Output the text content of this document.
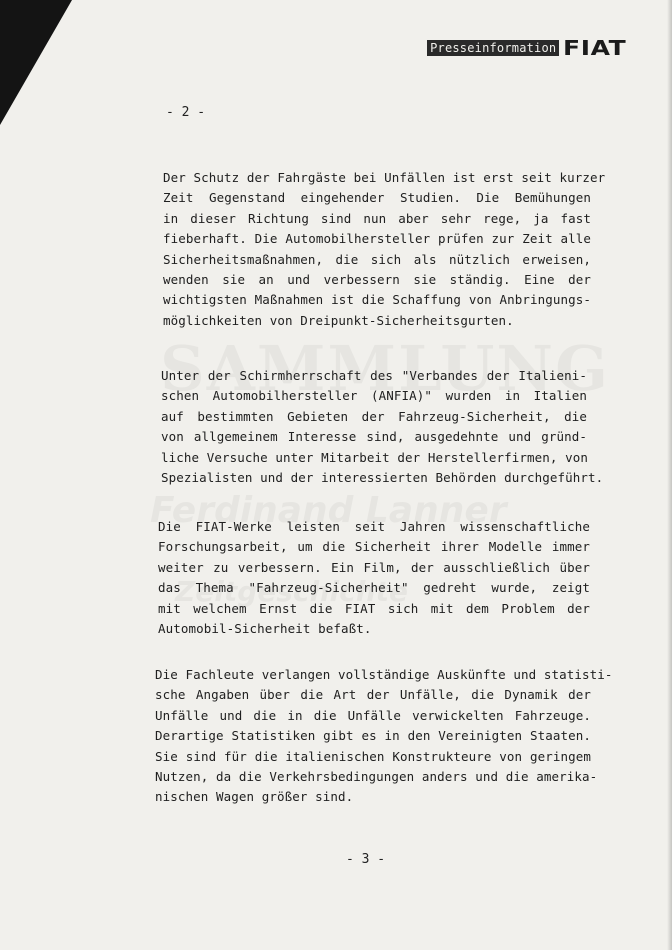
Presseinformation FIAT
- 2 -
Der Schutz der Fahrgäste bei Unfällen ist erst seit kurzer
Zeit Gegenstand eingehender Studien. Die Bemühungen
in dieser Richtung sind nun aber sehr rege, ja fast
fieberhaft. Die Automobilhersteller prüfen zur Zeit alle
Sicherheitsmaßnahmen, die sich als nützlich erweisen,
wenden sie an und verbessern sie ständig. Eine der
wichtigsten Maßnahmen ist die Schaffung von Anbringungs-
möglichkeiten von Dreipunkt-Sicherheitsgurten.
Unter der Schirmherrschaft des "Verbandes der Italieni-
schen Automobilhersteller (ANFIA)" wurden in Italien
auf bestimmten Gebieten der Fahrzeug-Sicherheit, die
von allgemeinem Interesse sind, ausgedehnte und gründ-
liche Versuche unter Mitarbeit der Herstellerfirmen, von
Spezialisten und der interessierten Behörden durchgeführt.
Die FIAT-Werke leisten seit Jahren wissenschaftliche
Forschungsarbeit, um die Sicherheit ihrer Modelle immer
weiter zu verbessern. Ein Film, der ausschließlich über
das Thema "Fahrzeug-Sicherheit" gedreht wurde, zeigt
mit welchem Ernst die FIAT sich mit dem Problem der
Automobil-Sicherheit befaßt.
Die Fachleute verlangen vollständige Auskünfte und statisti-
sche Angaben über die Art der Unfälle, die Dynamik der
Unfälle und die in die Unfälle verwickelten Fahrzeuge.
Derartige Statistiken gibt es in den Vereinigten Staaten.
Sie sind für die italienischen Konstrukteure von geringem
Nutzen, da die Verkehrsbedingungen anders und die amerika-
nischen Wagen größer sind.
- 3 -
